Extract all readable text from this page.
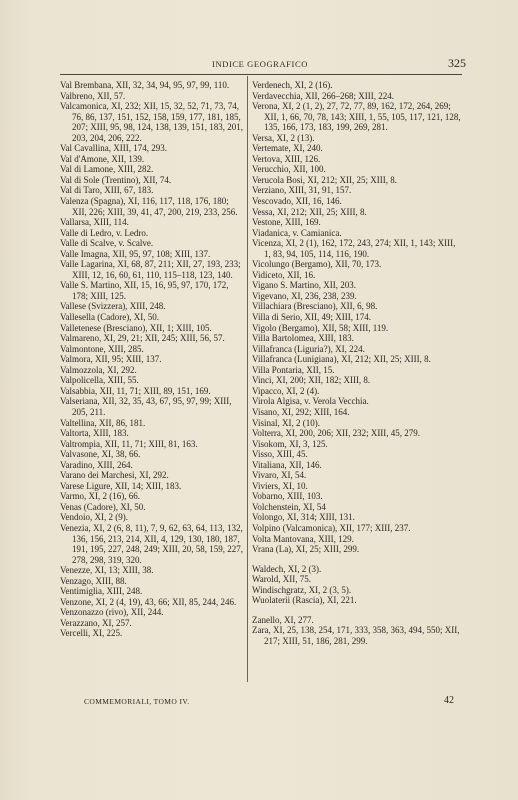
INDICE GEOGRAFICO	325

Val Brembana, XII, 32, 34, 94, 95, 97, 99, 110.

Valbreno, XII, 57.

Valcamonica, XI, 232; XII, 15, 32, 52, 71, 73, 74, 76, 86, 137, 151, 152, 158, 159, 177, 181, 185, 207; XIII, 95, 98, 124, 138, 139, 151, 183, 201, 203, 204, 206, 222.

Val Cavallina, XIII, 174, 293.

Val d'Amone, XII, 139.

Val di Lamone, XIII, 282.

Val di Sole (Trentino), XII, 74.

Val di Taro, XIII, 67, 183.

Valenza (Spagna), XI, 116, 117, 118, 176, 180; XII, 226; XIII, 39, 41, 47, 200, 219, 233, 256.

Vallarsa, XIII, 114.

Valle di Ledro, v. Ledro.

Valle di Scalve, v. Scalve.

Valle Imagna, XII, 95, 97, 108; XIII, 137.

Valle Lagarina, XI, 68, 87, 211; XII, 27, 193, 233; XIII, 12, 16, 60, 61, 110, 115–118, 123, 140.

Valle S. Martino, XII, 15, 16, 95, 97, 170, 172, 178; XIII, 125.

Vallese (Svizzera), XIII, 248.

Vallesella (Cadore), XI, 50.

Valletenese (Bresciano), XII, 1; XIII, 105.

Valmareno, XI, 29, 21; XII, 245; XIII, 56, 57.

Valmontone, XIII, 285.

Valmora, XII, 95; XIII, 137.

Valmozzola, XI, 292.

Valpolicella, XIII, 55.

Valsabbia, XII, 11, 71; XIII, 89, 151, 169.

Valseriana, XII, 32, 35, 43, 67, 95, 97, 99; XIII, 205, 211.

Valtellina, XII, 86, 181.

Valtorta, XIII, 183.

Valtrompia, XII, 11, 71; XIII, 81, 163.

Valvasone, XI, 38, 66.

Varadino, XIII, 264.

Varano dei Marchesi, XI, 292.

Varese Ligure, XII, 14; XIII, 183.

Varmo, XI, 2 (16), 66.

Venas (Cadore), XI, 50.

Vendoio, XI, 2 (9).

Venezia, XI, 2 (6, 8, 11), 7, 9, 62, 63, 64, 113, 132, 136, 156, 213, 214, XII, 4, 129, 130, 180, 187, 191, 195, 227, 248, 249; XIII, 20, 58, 159, 227, 278, 298, 319, 320.

Venezze, XI, 13; XIII, 38.

Venzago, XIII, 88.

Ventimiglia, XIII, 248.

Venzone, XI, 2 (4, 19), 43, 66; XII, 85, 244, 246.

Venzonazzo (rivo), XII, 244.

Verazzano, XI, 257.

Vercelli, XI, 225.

Verdenech, XI, 2 (16).

Verdavecchia, XII, 266–268; XIII, 224.

Verona, XI, 2 (1, 2), 27, 72, 77, 89, 162, 172, 264, 269; XII, 1, 66, 70, 78, 143; XIII, 1, 55, 105, 117, 121, 128, 135, 166, 173, 183, 199, 269, 281.

Versa, XI, 2 (13).

Vertemate, XI, 240.

Vertova, XIII, 126.

Verucchio, XII, 100.

Verucola Bosi, XI, 212; XII, 25; XIII, 8.

Verziano, XIII, 31, 91, 157.

Vescovado, XII, 16, 146.

Vessa, XI, 212; XII, 25; XIII, 8.

Vestone, XIII, 169.

Viadanica, v. Camianica.

Vicenza, XI, 2 (1), 162, 172, 243, 274; XII, 1, 143; XIII, 1, 83, 94, 105, 114, 116, 190.

Vicolungo (Bergamo), XII, 70, 173.

Vidiceto, XII, 16.

Vigano S. Martino, XII, 203.

Vigevano, XI, 236, 238, 239.

Villachiara (Bresciano), XII, 6, 98.

Villa di Serio, XII, 49; XIII, 174.

Vigolo (Bergamo), XII, 58; XIII, 119.

Villa Bartolomea, XIII, 183.

Villafranca (Liguria?), XI, 224.

Villafranca (Lunigiana), XI, 212; XII, 25; XIII, 8.

Villa Pontaria, XII, 15.

Vinci, XI, 200; XII, 182; XIII, 8.

Vipacco, XI, 2 (4).

Virola Algisa, v. Verola Vecchia.

Visano, XI, 292; XIII, 164.

Visinal, XI, 2 (10).

Volterra, XI, 200, 206; XII, 232; XIII, 45, 279.

Visokom, XI, 3, 125.

Visso, XIII, 45.

Vitaliana, XII, 146.

Vivaro, XI, 54.

Viviers, XI, 10.

Vobarno, XIII, 103.

Volchenstein, XI, 54

Volongo, XI, 314; XIII, 131.

Volpino (Valcamonica), XII, 177; XIII, 237.

Volta Mantovana, XIII, 129.

Vrana (La), XI, 25; XIII, 299.

Waldech, XI, 2 (3).

Warold, XII, 75.

Windischgratz, XI, 2 (3, 5).

Wuolaterii (Rascia), XI, 221.

Zanello, XI, 277.

Zara, XI, 25, 138, 254, 171, 333, 358, 363, 494, 550; XII, 217; XIII, 51, 186, 281, 299.

COMMEMORIALI, TOMO IV.	42
